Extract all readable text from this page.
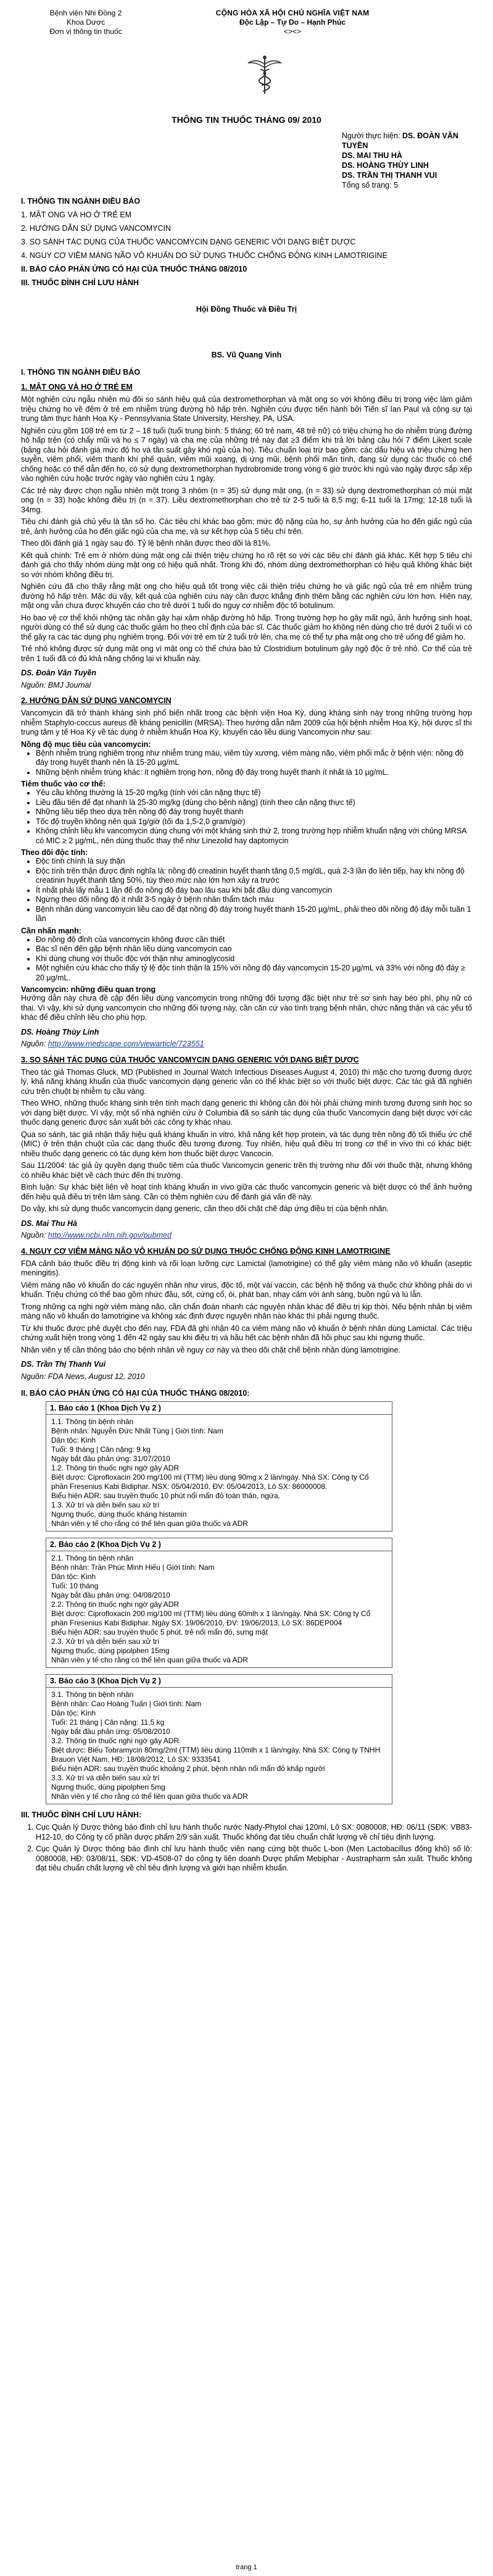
Bệnh viện Nhi Đồng 2
Khoa Dược
Đơn vị thông tin thuốc
CỘNG HÒA XÃ HỘI CHỦ NGHĨA VIỆT NAM
Độc Lập – Tự Do – Hạnh Phúc
<><>
THÔNG TIN THUỐC THÁNG 09/ 2010
Người thực hiện: DS. ĐOÀN VĂN TUYỀN
DS. MAI THU HÀ
DS. HOÀNG THÙY LINH
DS. TRẦN THỊ THANH VUI
Tổng số trang: 5
I. THÔNG TIN NGÀNH ĐIỀU BÁO
1. MẬT ONG VÀ HO Ở TRẺ EM
2. HƯỚNG DẪN SỬ DỤNG VANCOMYCIN
3. SO SÁNH TÁC DỤNG CỦA THUỐC VANCOMYCIN DẠNG GENERIC VỚI DẠNG BIỆT DƯỢC
4. NGUY CƠ VIÊM MÀNG NÃO VÔ KHUẨN DO SỬ DỤNG THUỐC CHỐNG ĐỘNG KINH LAMOTRIGINE
II. BÁO CÁO PHẢN ỨNG CÓ HẠI CỦA THUỐC THÁNG 08/2010
III. THUỐC ĐÌNH CHỈ LƯU HÀNH
Hội Đồng Thuốc và Điều Trị
BS. Vũ Quang Vinh
I. THÔNG TIN NGÀNH ĐIỀU BÁO
1. MẬT ONG VÀ HO Ở TRẺ EM

Một nghiên cứu ngẫu nhiên mù đôi so sánh hiệu quả của dextromethorphan và mật ong so với không điều trị trong việc làm giảm triệu chứng ho về đêm ở trẻ em nhiễm trùng đường hô hấp trên. Nghiên cứu được tiến hành bởi Tiến sĩ Ian Paul và cộng sự tại trung tâm thực hành Hoa Kỳ - Pennsylvania State University, Hershey, PA, USA.

Nghiên cứu gồm 108 trẻ em từ 2 – 18 tuổi (tuổi trung bình: 5 tháng; 60 trẻ nam, 48 trẻ nữ) có triệu chứng ho do nhiễm trùng đường hô hấp trên (có chẩy mũi và ho ≤ 7 ngày) và cha mẹ của những trẻ này đạt ≥3 điểm khi trả lời bảng câu hỏi 7 điểm Likert scale (bảng câu hỏi đánh giá mức độ ho và tần suất gây khó ngủ của ho). Tiêu chuẩn loại trừ bao gồm: các dấu hiệu và triệu chứng hen suyễn, viêm phổi, viêm thanh khí phế quản, viêm mũi xoang, dị ứng mũi, bệnh phổi mãn tính, đang sử dụng các thuốc có chế chống hoặc có thể dẫn đến ho, có sử dụng dextromethorphan hydrobromide trong vòng 6 giờ trước khi ngủ vào ngày được sắp xếp vào nghiên cứu hoặc trước ngày vào nghiên cứu 1 ngày.

Các trẻ này được chọn ngẫu nhiên một trong 3 nhóm (n = 35) sử dụng mật ong, (n = 33) sử dụng dextromethorphan có mùi mật ong (n = 33) hoặc không điều trị (n = 37). Liều dextromethorphan cho trẻ từ 2-5 tuổi là 8,5 mg; 6-11 tuổi là 17mg; 12-18 tuổi là 34mg.

Tiêu chí đánh giá chủ yếu là tần số ho. Các tiêu chí khác bao gồm: mức độ nặng của ho, sự ảnh hưởng của ho đến giấc ngủ của trẻ, ảnh hưởng của ho đến giấc ngủ của cha mẹ, và sự kết hợp của 5 tiêu chí trên.

Theo dõi đánh giá 1 ngày sau đó. Tỷ lệ bệnh nhân được theo dõi là 81%.

Kết quả chính: Trẻ em ở nhóm dùng mật ong cải thiện triệu chứng ho rõ rệt so với các tiêu chí đánh giá khác. Kết hợp 5 tiêu chí đánh giá cho thấy nhóm dùng mật ong có hiệu quả nhất. Trong khi đó, nhóm dùng dextromethorphan có hiệu quả không khác biệt so với nhóm không điều trị.

Nghiên cứu đã cho thấy rằng mật ong cho hiệu quả tốt trong việc cải thiện triệu chứng ho và giấc ngủ của trẻ em nhiễm trùng đường hô hấp trên. Mặc dù vậy, kết quả của nghiên cứu này cần được khẳng định thêm bằng các nghiên cứu lớn hơn. Hiện nay, mật ong vẫn chưa được khuyến cáo cho trẻ dưới 1 tuổi do nguy cơ nhiễm độc tố botulinum.

Ho bao vệ cơ thể khỏi những tác nhân gây hại xâm nhập đường hô hấp. Trong trường hợp ho gây mất ngủ, ảnh hưởng sinh hoạt, người dùng có thể sử dụng các thuốc giảm ho theo chỉ định của bác sĩ. Các thuốc giảm ho không nên dùng cho trẻ dưới 2 tuổi vì có thể gây ra các tác dụng phụ nghiêm trọng. Đối với trẻ em từ 2 tuổi trở lên, cha mẹ có thể tự pha mật ong cho trẻ uống để giảm ho.

Trẻ nhỏ không được sử dụng mật ong vì mật ong có thể chứa bào tử Clostridium botulinum gây ngộ độc ở trẻ nhỏ. Cơ thể của trẻ trên 1 tuổi đã có đủ khả năng chống lại vi khuẩn này.

DS. Đoàn Văn Tuyền

Nguồn: BMJ Journal

2. HƯỚNG DẪN SỬ DỤNG VANCOMYCIN

Vancomycin đã trở thành kháng sinh phổ biến nhất trong các bệnh viện Hoa Kỳ, dùng kháng sinh này trong những trường hợp nhiễm Staphylo-coccus aureus đề kháng penicillin (MRSA). Theo hướng dẫn năm 2009 của hội bệnh nhiễm Hoa Kỳ, hội dược sĩ thì trung tâm y tế Hoa Kỳ về tác dụng ở nhiễm khuẩn Hoa Kỳ, khuyến cáo liều dùng Vancomycin như sau:

Nồng độ mục tiêu của vancomycin:
• Bệnh nhiễm trùng nghiêm trọng như nhiễm trùng máu, viêm tủy xương, viêm màng não, viêm phổi mắc ở bệnh viện: nồng độ đáy trong huyết thanh nên là 15-20 µg/mL
• Những bệnh nhiễm trùng khác: ít nghiêm trọng hơn, nồng độ đáy trong huyết thanh ít nhất là 10 µg/mL.
Tiêm thuốc vào cơ thể:
• Yêu cầu không thường là 15-20 mg/kg (tính với cân nặng thực tế)
• Liều đầu tiên để đạt nhanh là 25-30 mg/kg (dùng cho bệnh nặng) (tính theo cân nặng thực tế)
• Những liều tiếp theo dựa trên nồng độ đáy trong huyết thanh
• Tốc độ truyền không nên quá 1g/giờ (tối đa 1,5-2,0 gram/giờ)
• Không chỉnh liều khi vancomycin dùng chung với một kháng sinh thứ 2, trong trường hợp nhiễm khuẩn nặng với chủng MRSA có MIC ≥ 2 µg/mL, nên dùng thuốc thay thế như Linezolid hay daptomycin
Theo dõi độc tính:
• Độc tính chính là suy thận
• Độc tính trên thận được định nghĩa là: nồng độ creatinin huyết thanh tăng 0,5 mg/dL, quá 2-3 lần đo liên tiếp, hay khi nồng độ creatinin huyết thanh tăng 50%, tùy theo mức nào lớn hơn xảy ra trước
• Ít nhất phải lấy mẫu 1 lần để đo nồng độ đáy bao lâu sau khi bắt đầu dùng vancomycin
• Ngừng theo dõi nồng độ ít nhất 3-5 ngày ở bệnh nhân thẩm tách máu
• Bệnh nhân dùng vancomycin liều cao để đạt nồng độ đáy trong huyết thanh 15-20 µg/mL, phải theo dõi nồng độ đáy mỗi tuần 1 lần
Cần nhấn mạnh:
• Đo nồng độ đỉnh của vancomycin không được cần thiết
• Bác sĩ nên đến gặp bệnh nhân liều dùng vancomycin cao
• Khi dùng chung với thuốc độc với thận như aminoglycosid
• Một nghiên cứu khác cho thấy tỷ lệ độc tính thận là 15% với nồng độ đáy vancomycin 15-20 µg/mL và 33% với nồng độ đáy ≥ 20 µg/mL.
Vancomycin: những điều quan trọng

Hướng dẫn này chưa đề cập đến liều dùng vancomycin trong những đối tượng đặc biệt như trẻ sơ sinh hay béo phì, phụ nữ có thai. Vì vậy, khi sử dụng vancomycin cho những đối tượng này, cần căn cứ vào tình trạng bệnh nhân, chức năng thận và các yếu tố khác để điều chỉnh liều cho phù hợp.

DS. Hoàng Thùy Linh

Nguồn: http://www.medscape.com/viewarticle/723551

3. SO SÁNH TÁC DỤNG CỦA THUỐC VANCOMYCIN DẠNG GENERIC VỚI DẠNG BIỆT DƯỢC

Theo tác giả Thomas Gluck, MD (Published in Journal Watch Infectious Diseases August 4, 2010) thì mặc cho tương đương dược lý, khả năng kháng khuẩn của thuốc vancomycin dạng generic vẫn có thể khác biệt so với thuốc biệt dược. Các tác giả đã nghiên cứu trên chuột bị nhiễm tụ cầu vàng.

Theo WHO, những thuốc kháng sinh trên tính mạch dạng generic thì không cần đòi hỏi phải chứng minh tương đương sinh học so với dạng biệt dược. Vì vậy, một số nhà nghiên cứu ở Columbia đã so sánh tác dụng của thuốc Vancomycin dạng biệt dược với các thuốc dạng generic được sản xuất bởi các công ty khác nhau.

Qua so sánh, tác giả nhận thấy hiệu quả kháng khuẩn in vitro, khả năng kết hợp protein, và tác dụng trên nồng độ tối thiểu ức chế (MIC) ở trên thận chuột của các dạng thuốc đều tương đương. Tuy nhiên, hiệu quả điều trị trong cơ thể in vivo thì có khác biệt: nhiều thuốc dạng generic có tác dụng kém hơn thuốc biệt dược Vancocin.

Sau 11/2004: tác giả ủy quyền dạng thuốc tiêm của thuốc Vancomycin generic trên thị trường như đối với thuốc thật, nhưng không có nhiều khác biệt về cách thức đến thị trường.

Bình luận: Sự khác biệt liên về hoạt tính kháng khuẩn in vivo giữa các thuốc vancomycin generic và biệt dược có thể ảnh hưởng đến hiệu quả điều trị trên lâm sàng. Cần có thêm nghiên cứu để đánh giá vấn đề này.

Do vậy, khi sử dụng thuốc vancomycin dạng generic, cần theo dõi chặt chẽ đáp ứng điều trị của bệnh nhân.

DS. Mai Thu Hà

Nguồn: http://www.ncbi.nlm.nih.gov/pubmed

4. NGUY CƠ VIÊM MÀNG NÃO VÔ KHUẨN DO SỬ DỤNG THUỐC CHỐNG ĐỘNG KINH LAMOTRIGINE

FDA cảnh báo thuốc điều trị động kinh và rối loạn lưỡng cực Lamictal (lamotrigine) có thể gây viêm màng não vô khuẩn (aseptic meningitis).

Viêm màng não vô khuẩn do các nguyên nhân như virus, độc tố, một vài vaccin, các bệnh hệ thống và thuốc chứ không phải do vi khuẩn. Triệu chứng có thể bao gồm nhức đầu, sốt, cứng cổ, ói, phát ban, nhạy cảm với ánh sáng, buồn ngủ và lú lẫn.

Trong những ca nghi ngờ viêm màng não, cần chẩn đoán nhanh các nguyên nhân khác để điều trị kịp thời. Nếu bệnh nhân bị viêm màng não vô khuẩn do lamotrigine và không xác định được nguyên nhân nào khác thì phải ngưng thuốc.

Từ khi thuốc được phê duyệt cho đến nay, FDA đã ghi nhận 40 ca viêm màng não vô khuẩn ở bệnh nhân dùng Lamictal. Các triệu chứng xuất hiện trong vòng 1 đến 42 ngày sau khi điều trị và hầu hết các bệnh nhân đã hồi phục sau khi ngưng thuốc.

Nhân viên y tế cần thông báo cho bệnh nhân về nguy cơ này và theo dõi chặt chẽ bệnh nhân dùng lamotrigine.

DS. Trần Thị Thanh Vui

Nguồn: FDA News, August 12, 2010

II. BÁO CÁO PHẢN ỨNG CÓ HẠI CỦA THUỐC THÁNG 08/2010:
1. Báo cáo 1 (Khoa Dịch Vụ 2 )
1.1. Thông tin bệnh nhân
Bệnh nhân: Nguyễn Đức Nhất Tùng | Giới tính: Nam
Dân tộc: Kinh
Tuổi: 9 tháng | Cân nặng: 9 kg
Ngày bắt đầu phản ứng: 31/07/2010
1.2. Thông tin thuốc nghi ngờ gây ADR
Biệt dược: Ciprofloxacin 200 mg/100 ml (TTM) liều dùng 90mg x 2 lần/ngày. Nhà SX: Công ty Cổ phần Fresenius Kabi Bidiphar. NSX: 05/04/2010, ĐV: 05/04/2013, Lô SX: 86000008.
Biểu hiện ADR: sau truyền thuốc 10 phút nổi mẩn đỏ toàn thân, ngứa.
1.3. Xử trí và diễn biến sau xử trí
Ngưng thuốc, dùng thuốc kháng histamin
Nhân viên y tế cho rằng có thể liên quan giữa thuốc và ADR
2. Báo cáo 2 (Khoa Dịch Vụ 2 )
2.1. Thông tin bệnh nhân
Bệnh nhân: Trần Phúc Minh Hiếu | Giới tính: Nam
Dân tộc: Kinh
Tuổi: 10 tháng
Ngày bắt đầu phản ứng: 04/08/2010
2.2. Thông tin thuốc nghi ngờ gây ADR
Biệt dược: Ciprofloxacin 200 mg/100 ml (TTM) liều dùng 60mlh x 1 lần/ngày. Nhà SX: Công ty Cổ phần Fresenius Kabi Bidiphar. Ngày SX: 19/06/2010, ĐV: 19/06/2013, Lô SX: 86DEP004
Biểu hiện ADR: sau truyền thuốc 5 phút, trẻ nổi mẩn đỏ, sưng mặt
2.3. Xử trí và diễn biến sau xử trí
Ngưng thuốc, dùng pipolphen 15mg
Nhân viên y tế cho rằng có thể liên quan giữa thuốc và ADR
3. Báo cáo 3 (Khoa Dịch Vụ 2 )
3.1. Thông tin bệnh nhân
Bệnh nhân: Cao Hoàng Tuấn | Giới tính: Nam
Dân tộc: Kinh
Tuổi: 21 tháng | Cân nặng: 11,5 kg
Ngày bắt đầu phản ứng: 05/08/2010
3.2. Thông tin thuốc nghi ngờ gây ADR
Biệt dược: Biếu Tobramycin 80mg/2ml (TTM) liều dùng 110mlh x 1 lần/ngày. Nhà SX: Công ty TNHH Brauon Việt Nam, HĐ: 18/08/2012, Lô SX: 9333541
Biểu hiện ADR: sau truyền thuốc khoảng 2 phút, bệnh nhân nổi mẩn đỏ khắp người
3.3. Xử trí và diễn biến sau xử trí
Ngưng thuốc, dùng pipolphen 5mg
Nhân viên y tế cho rằng có thể liên quan giữa thuốc và ADR
III. THUỐC ĐÌNH CHỈ LƯU HÀNH:
1. Cục Quản lý Dược thông báo đình chỉ lưu hành thuốc nước Nady-Phytol chai 120ml, Lô SX: 0080008, HĐ: 06/11 (SĐK: VB83-H12-10, do Công ty cổ phần dược phẩm 2/9 sản xuất. Thuốc không đạt tiêu chuẩn chất lượng về chỉ tiêu định lượng.
2. Cục Quản lý Dược thông báo đình chỉ lưu hành thuốc viên nang cứng bột thuốc L-bon (Men Lactobacillus đông khô) số lô: 0080008, HĐ: 03/08/11, SĐK: VD-4508-07 do công ty liên doanh Dược phẩm Mebiphar - Austrapharm sản xuất. Thuốc không đạt tiêu chuẩn chất lượng về chỉ tiêu định lượng và giới hạn nhiễm khuẩn.
trang 1
